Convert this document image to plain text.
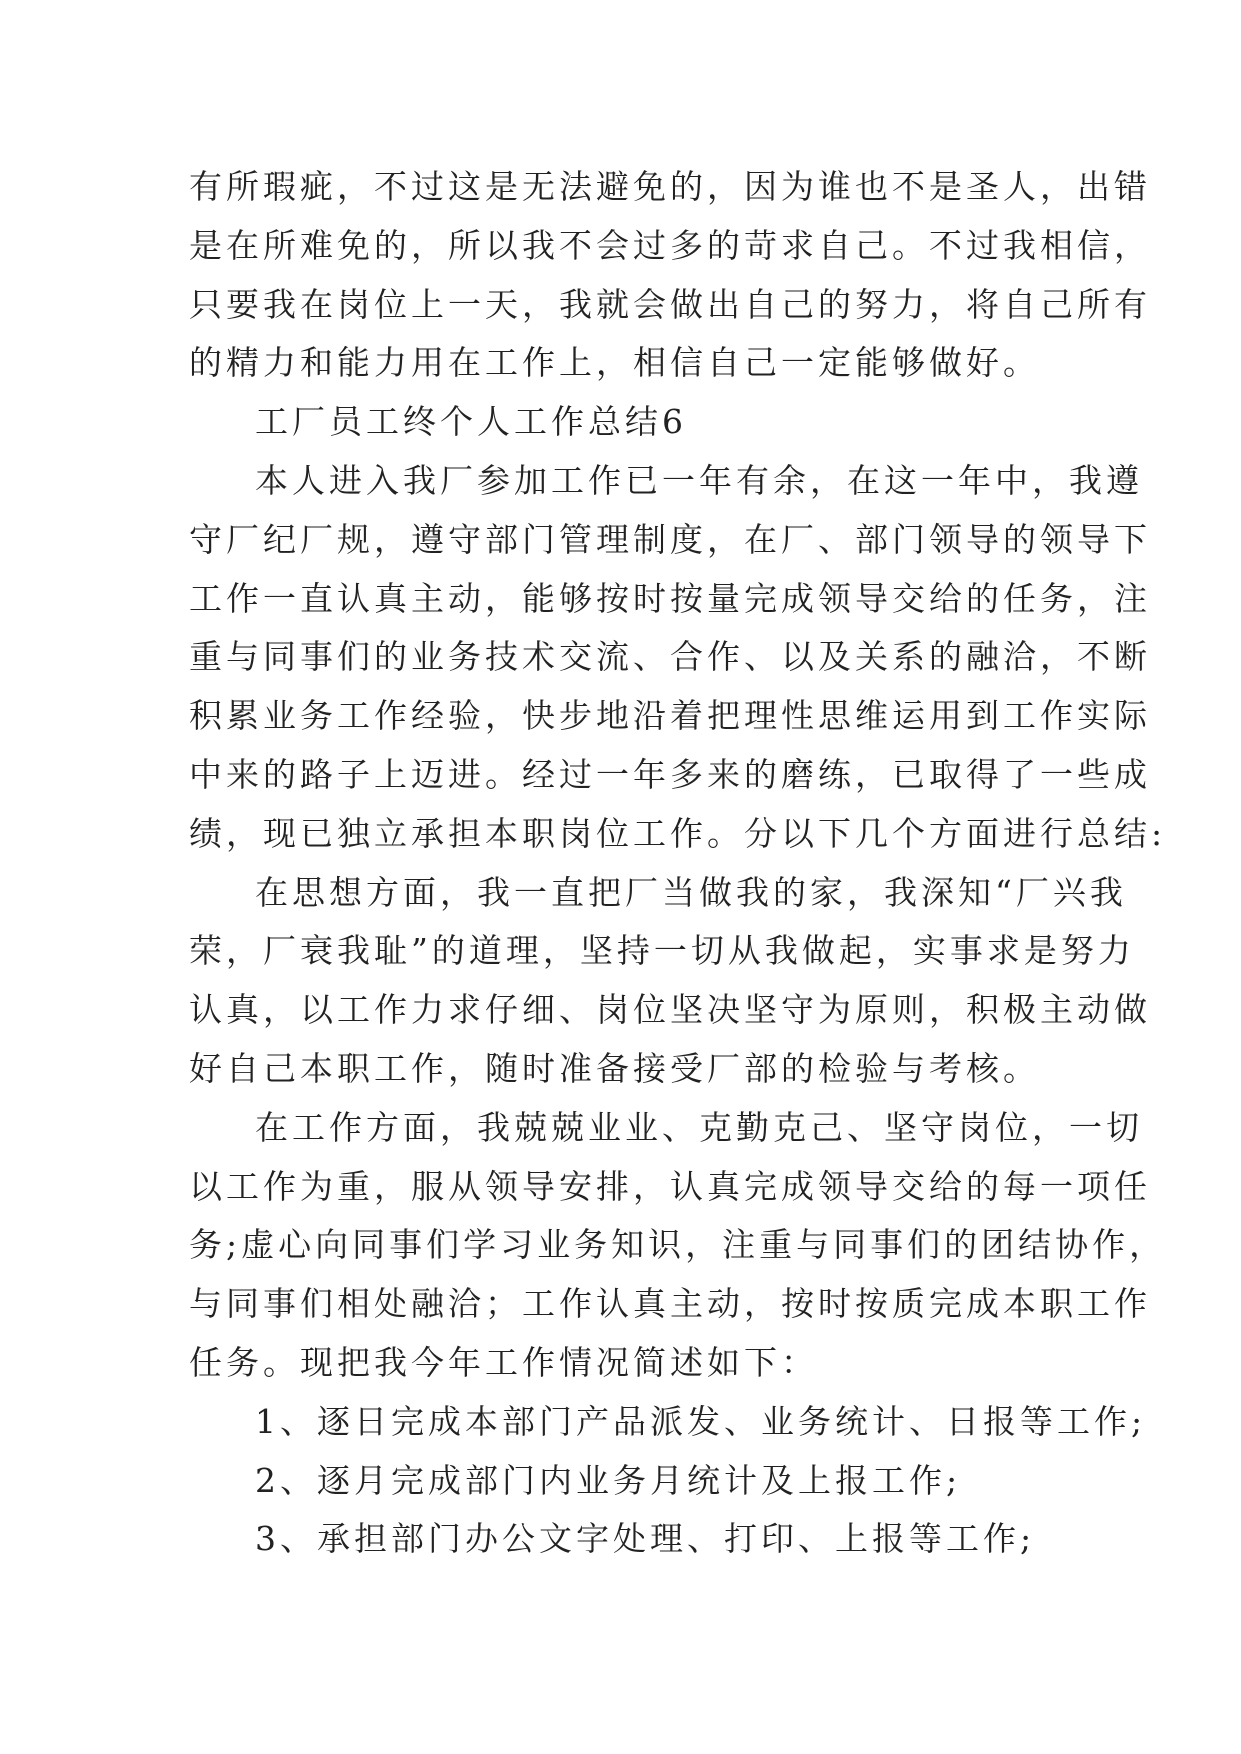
有所瑕疵，不过这是无法避免的，因为谁也不是圣人，出错
是在所难免的，所以我不会过多的苛求自己。不过我相信，
只要我在岗位上一天，我就会做出自己的努力，将自己所有
的精力和能力用在工作上，相信自己一定能够做好。
工厂员工终个人工作总结6
本人进入我厂参加工作已一年有余，在这一年中，我遵
守厂纪厂规，遵守部门管理制度，在厂、部门领导的领导下
工作一直认真主动，能够按时按量完成领导交给的任务，注
重与同事们的业务技术交流、合作、以及关系的融洽，不断
积累业务工作经验，快步地沿着把理性思维运用到工作实际
中来的路子上迈进。经过一年多来的磨练，已取得了一些成
绩，现已独立承担本职岗位工作。分以下几个方面进行总结:
在思想方面，我一直把厂当做我的家，我深知“厂兴我
荣，厂衰我耻”的道理，坚持一切从我做起，实事求是努力
认真，以工作力求仔细、岗位坚决坚守为原则，积极主动做
好自己本职工作，随时准备接受厂部的检验与考核。
在工作方面，我兢兢业业、克勤克己、坚守岗位，一切
以工作为重，服从领导安排，认真完成领导交给的每一项任
务;虚心向同事们学习业务知识，注重与同事们的团结协作，
与同事们相处融洽；工作认真主动，按时按质完成本职工作
任务。现把我今年工作情况简述如下：
1、逐日完成本部门产品派发、业务统计、日报等工作;
2、逐月完成部门内业务月统计及上报工作;
3、承担部门办公文字处理、打印、上报等工作;
